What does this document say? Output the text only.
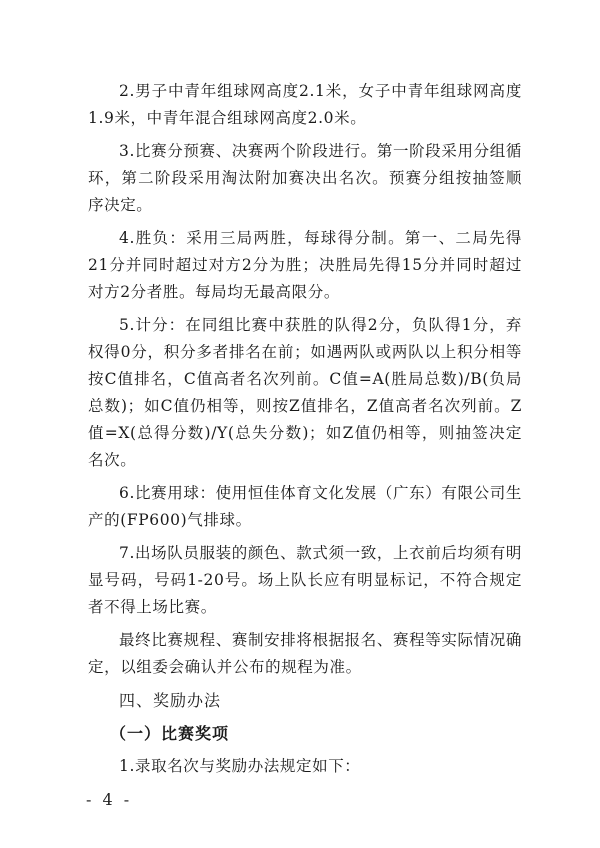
2.男子中青年组球网高度2.1米，女子中青年组球网高度1.9米，中青年混合组球网高度2.0米。

3.比赛分预赛、决赛两个阶段进行。第一阶段采用分组循环，第二阶段采用淘汰附加赛决出名次。预赛分组按抽签顺序决定。

4.胜负：采用三局两胜，每球得分制。第一、二局先得21分并同时超过对方2分为胜；决胜局先得15分并同时超过对方2分者胜。每局均无最高限分。

5.计分：在同组比赛中获胜的队得2分，负队得1分，弃权得0分，积分多者排名在前；如遇两队或两队以上积分相等按C值排名，C值高者名次列前。C值=A(胜局总数)/B(负局总数)；如C值仍相等，则按Z值排名，Z值高者名次列前。Z值=X(总得分数)/Y(总失分数)；如Z值仍相等，则抽签决定名次。

6.比赛用球：使用恒佳体育文化发展（广东）有限公司生产的(FP600)气排球。

7.出场队员服装的颜色、款式须一致，上衣前后均须有明显号码，号码1-20号。场上队长应有明显标记，不符合规定者不得上场比赛。

最终比赛规程、赛制安排将根据报名、赛程等实际情况确定，以组委会确认并公布的规程为准。

四、奖励办法

（一）比赛奖项

1.录取名次与奖励办法规定如下：

- 4 -
